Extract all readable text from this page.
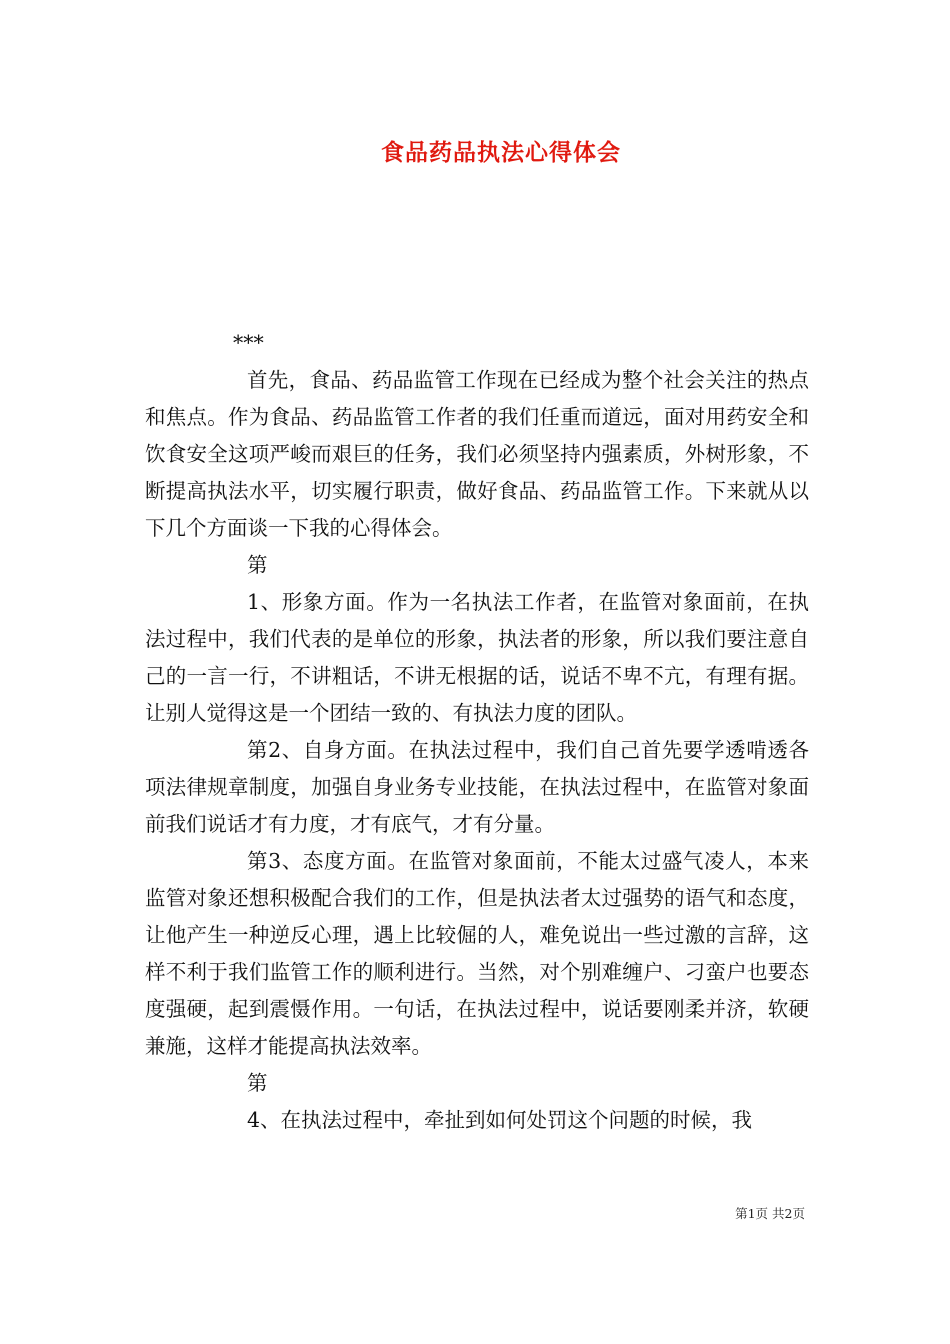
食品药品执法心得体会

***

首先，食品、药品监管工作现在已经成为整个社会关注的热点和焦点。作为食品、药品监管工作者的我们任重而道远，面对用药安全和饮食安全这项严峻而艰巨的任务，我们必须坚持内强素质，外树形象，不断提高执法水平，切实履行职责，做好食品、药品监管工作。下来就从以下几个方面谈一下我的心得体会。

第

1、形象方面。作为一名执法工作者，在监管对象面前，在执法过程中，我们代表的是单位的形象，执法者的形象，所以我们要注意自己的一言一行，不讲粗话，不讲无根据的话，说话不卑不亢，有理有据。让别人觉得这是一个团结一致的、有执法力度的团队。

第2、自身方面。在执法过程中，我们自己首先要学透啃透各项法律规章制度，加强自身业务专业技能，在执法过程中，在监管对象面前我们说话才有力度，才有底气，才有分量。

第3、态度方面。在监管对象面前，不能太过盛气凌人，本来监管对象还想积极配合我们的工作，但是执法者太过强势的语气和态度，让他产生一种逆反心理，遇上比较倔的人，难免说出一些过激的言辞，这样不利于我们监管工作的顺利进行。当然，对个别难缠户、刁蛮户也要态度强硬，起到震慑作用。一句话，在执法过程中，说话要刚柔并济，软硬兼施，这样才能提高执法效率。

第

4、在执法过程中，牵扯到如何处罚这个问题的时候，我

第1页 共2页
